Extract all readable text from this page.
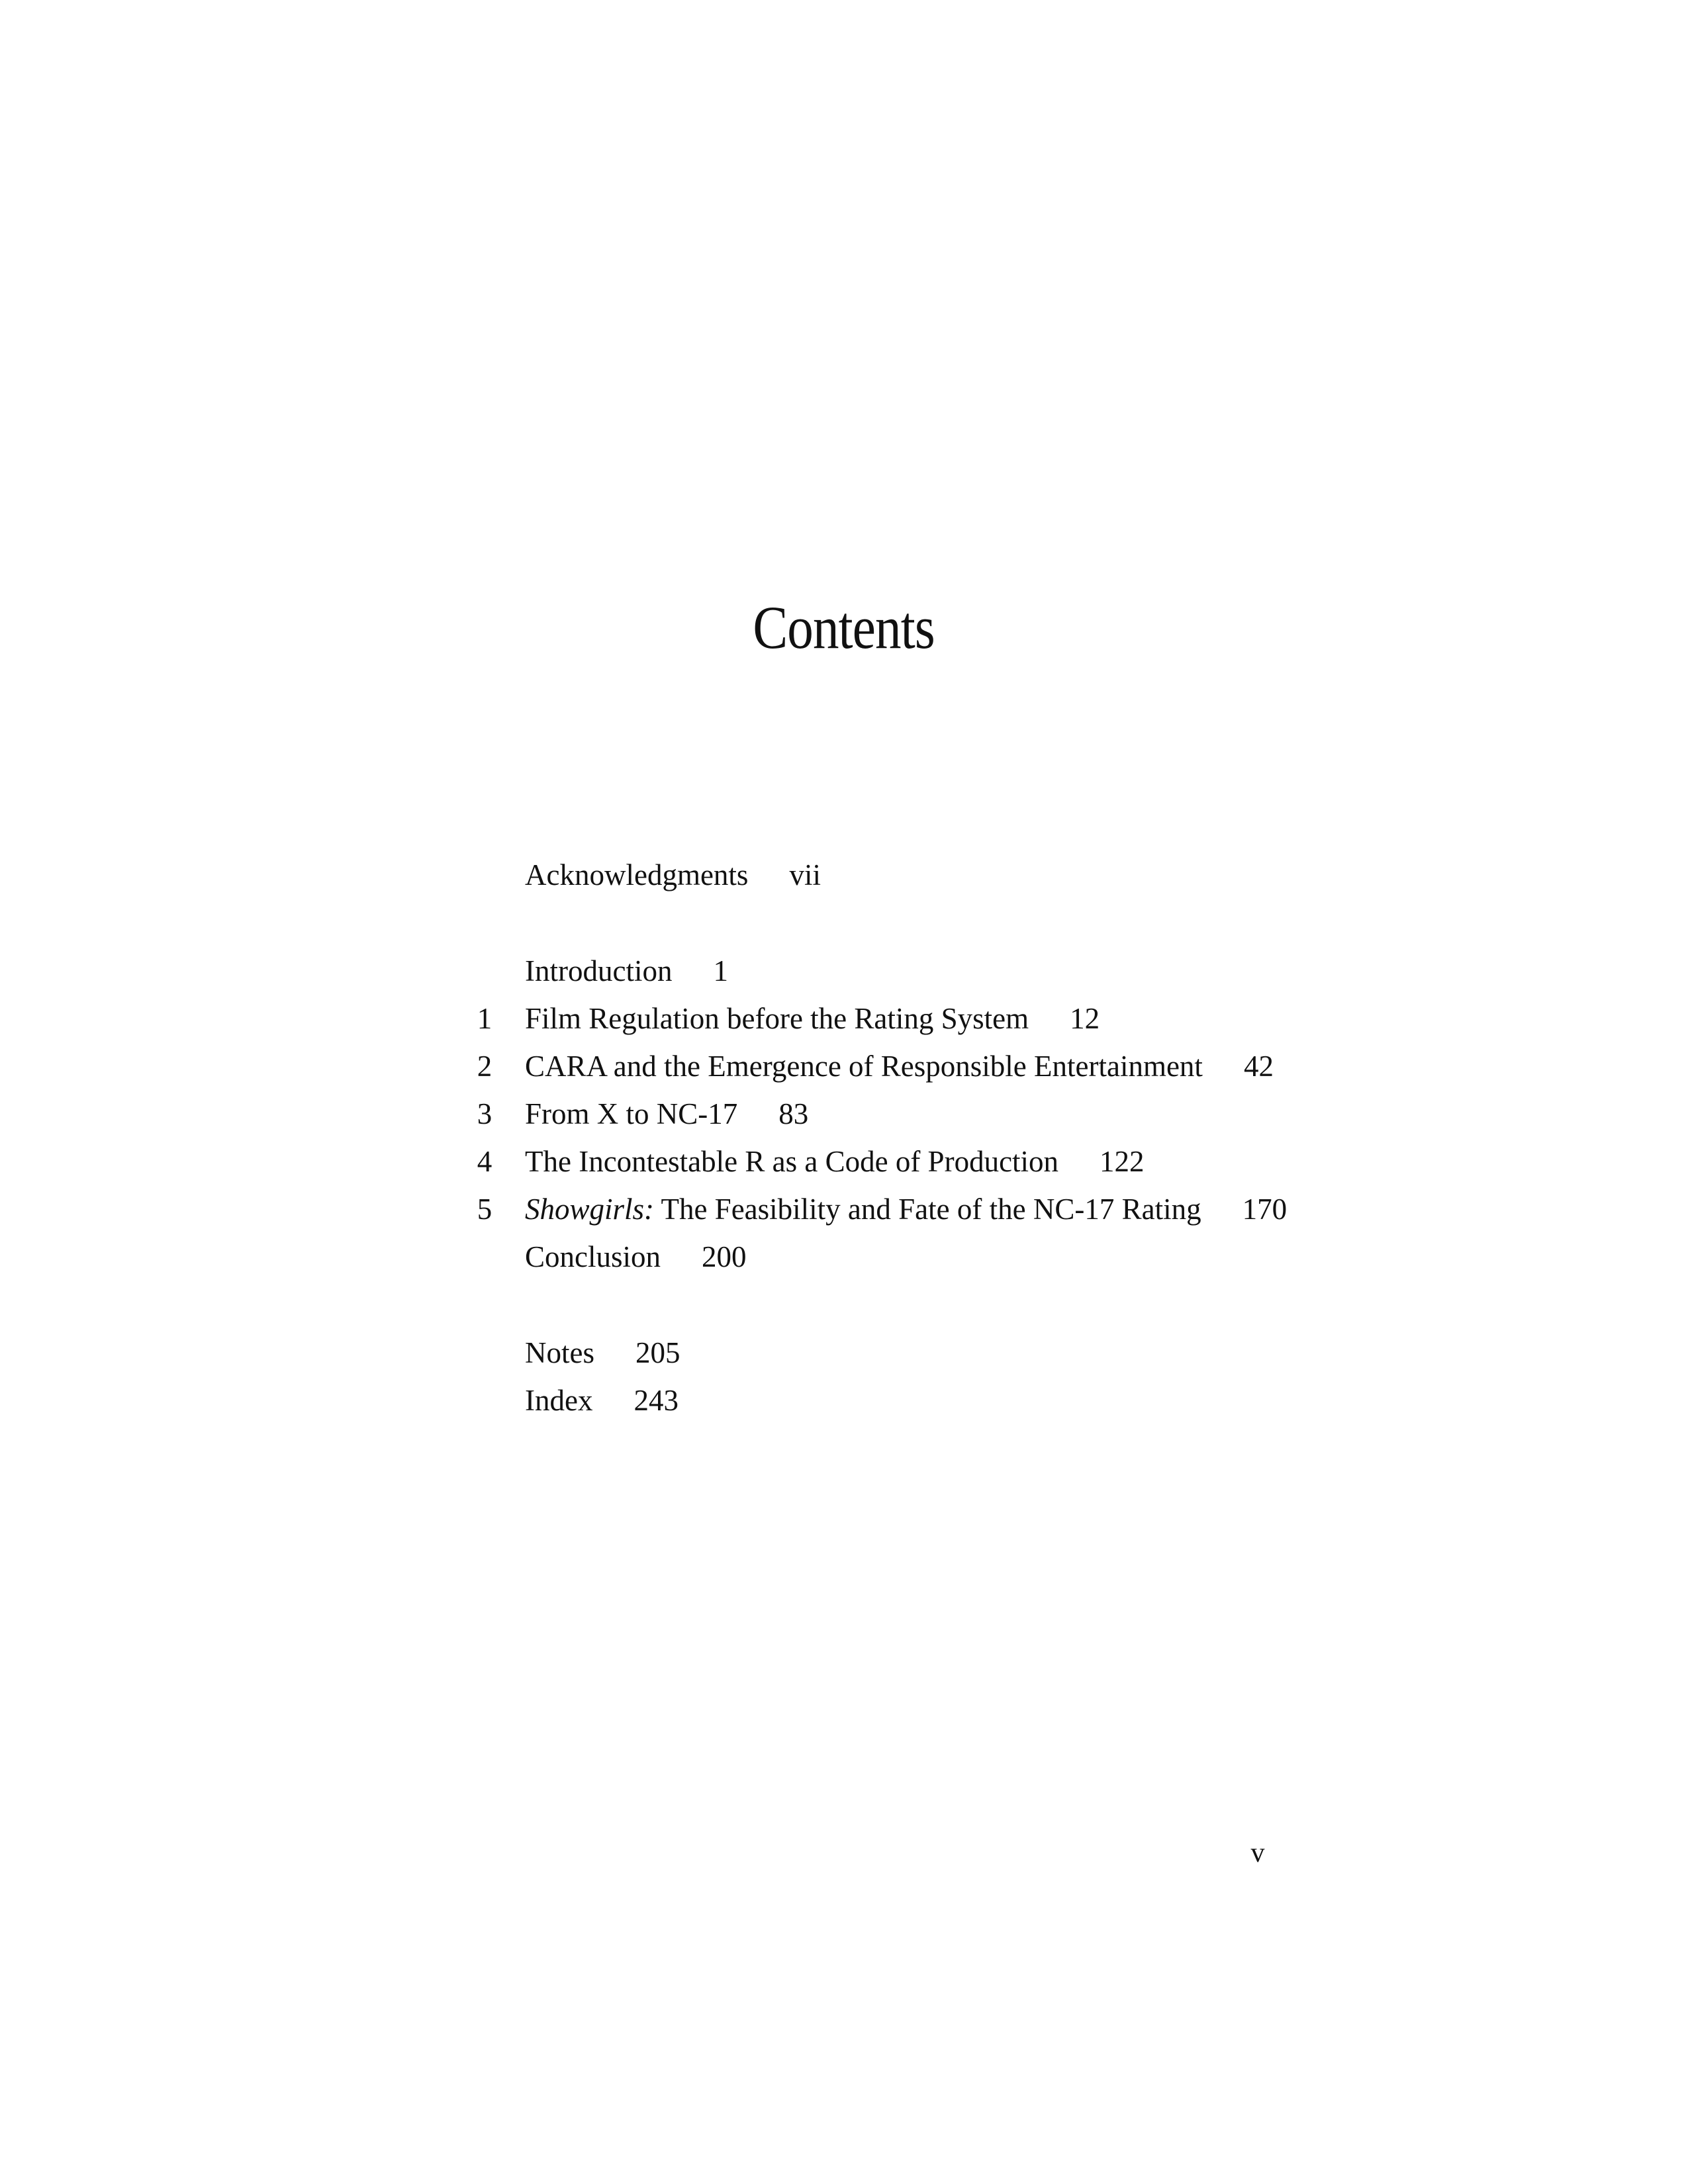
Contents
Acknowledgments vii
Introduction 1
1 Film Regulation before the Rating System 12
2 CARA and the Emergence of Responsible Entertainment 42
3 From X to NC-17 83
4 The Incontestable R as a Code of Production 122
5 Showgirls: The Feasibility and Fate of the NC-17 Rating 170
Conclusion 200
Notes 205
Index 243
v
